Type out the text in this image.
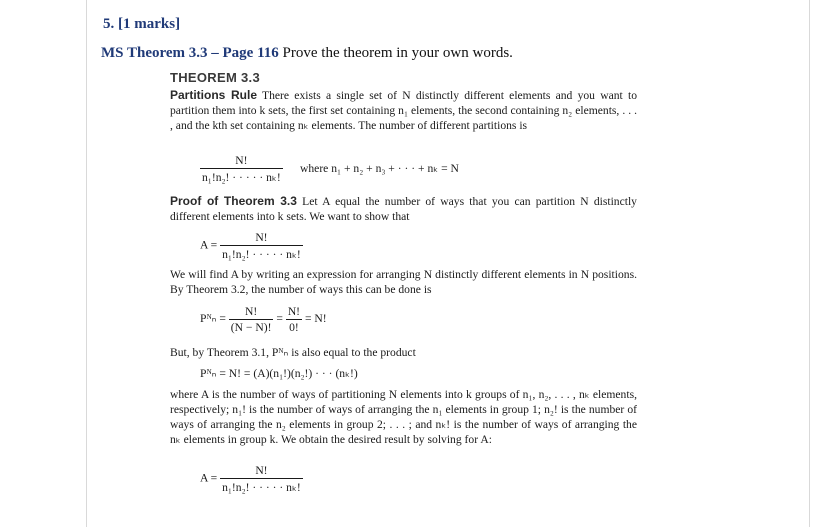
5. [1 marks]
MS Theorem 3.3 – Page 116 Prove the theorem in your own words.
THEOREM 3.3
Partitions Rule There exists a single set of N distinctly different elements and you want to partition them into k sets, the first set containing n₁ elements, the second containing n₂ elements, . . . , and the kth set containing nₖ elements. The number of different partitions is
$\frac{N!}{\text{n₁!n₂! · · · · · nₖ!}}$ where n₁ + n₂ + n₃ + · · · + nₖ = N
Proof of Theorem 3.3 Let A equal the number of ways that you can partition N distinctly different elements into k sets. We want to show that
$A = \frac{N!}{\text{n₁!n₂! · · · · · nₖ!}}$
We will find A by writing an expression for arranging N distinctly different elements in N positions. By Theorem 3.2, the number of ways this can be done is
Pᴺₙ = $\frac{N!}{(N - N)!} = \frac{N!}{0!} = N$!
But, by Theorem 3.1, Pᴺₙ is also equal to the product
Pᴺₙ = N! = (A)(n₁!)(n₂!) · · · (nₖ!)
where A is the number of ways of partitioning N elements into k groups of n₁, n₂, . . . , nₖ elements, respectively; n₁! is the number of ways of arranging the n₁ elements in group 1; n₂! is the number of ways of arranging the n₂ elements in group 2; . . . ; and nₖ! is the number of ways of arranging the nₖ elements in group k. We obtain the desired result by solving for A:
$A = \frac{N!}{\text{n₁!n₂! · · · · · nₖ!}}$
